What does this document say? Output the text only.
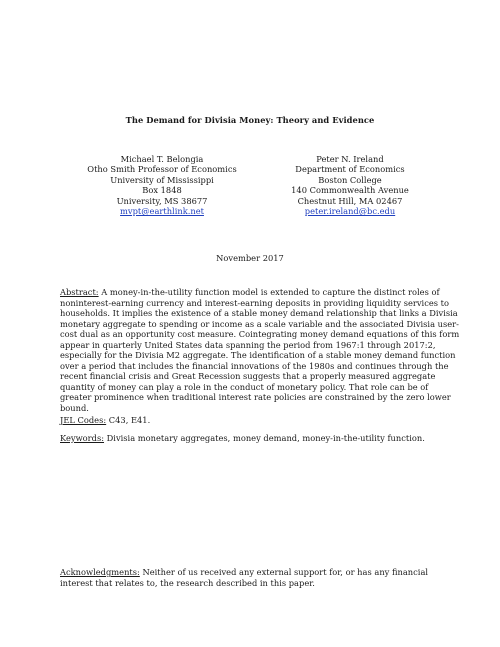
The Demand for Divisia Money: Theory and Evidence
Michael T. Belongia
Otho Smith Professor of Economics
University of Mississippi
Box 1848
University, MS 38677
mvpt@earthlink.net
Peter N. Ireland
Department of Economics
Boston College
140 Commonwealth Avenue
Chestnut Hill, MA 02467
peter.ireland@bc.edu
November 2017
Abstract: A money-in-the-utility function model is extended to capture the distinct roles of
noninterest-earning currency and interest-earning deposits in providing liquidity services to
households. It implies the existence of a stable money demand relationship that links a Divisia
monetary aggregate to spending or income as a scale variable and the associated Divisia user-
cost dual as an opportunity cost measure. Cointegrating money demand equations of this form
appear in quarterly United States data spanning the period from 1967:1 through 2017:2,
especially for the Divisia M2 aggregate. The identification of a stable money demand function
over a period that includes the financial innovations of the 1980s and continues through the
recent financial crisis and Great Recession suggests that a properly measured aggregate
quantity of money can play a role in the conduct of monetary policy. That role can be of
greater prominence when traditional interest rate policies are constrained by the zero lower
bound.
JEL Codes: C43, E41.
Keywords: Divisia monetary aggregates, money demand, money-in-the-utility function.
Acknowledgments: Neither of us received any external support for, or has any financial
interest that relates to, the research described in this paper.
